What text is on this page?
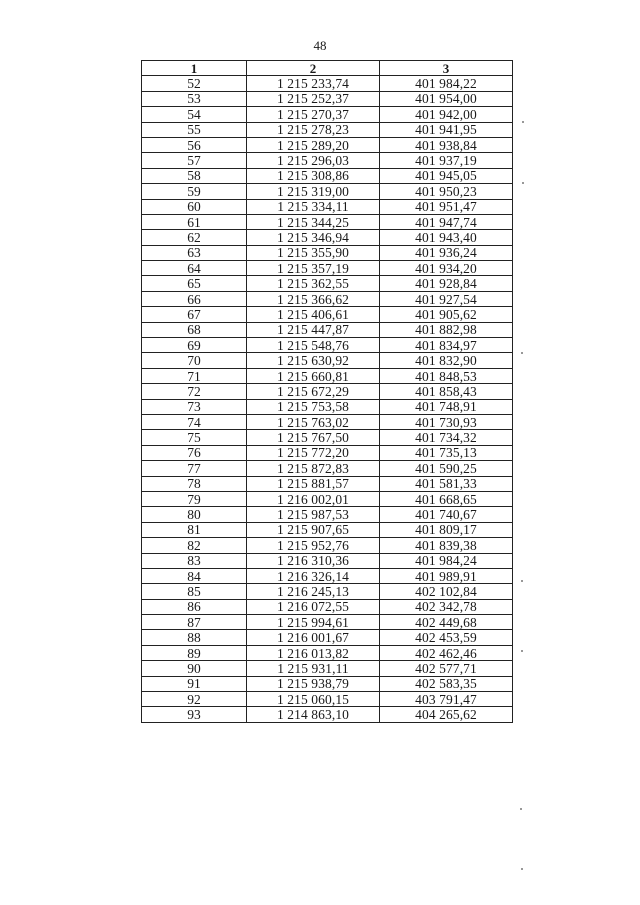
48
1	2	3
52	1 215 233,74	401 984,22
53	1 215 252,37	401 954,00
54	1 215 270,37	401 942,00
55	1 215 278,23	401 941,95
56	1 215 289,20	401 938,84
57	1 215 296,03	401 937,19
58	1 215 308,86	401 945,05
59	1 215 319,00	401 950,23
60	1 215 334,11	401 951,47
61	1 215 344,25	401 947,74
62	1 215 346,94	401 943,40
63	1 215 355,90	401 936,24
64	1 215 357,19	401 934,20
65	1 215 362,55	401 928,84
66	1 215 366,62	401 927,54
67	1 215 406,61	401 905,62
68	1 215 447,87	401 882,98
69	1 215 548,76	401 834,97
70	1 215 630,92	401 832,90
71	1 215 660,81	401 848,53
72	1 215 672,29	401 858,43
73	1 215 753,58	401 748,91
74	1 215 763,02	401 730,93
75	1 215 767,50	401 734,32
76	1 215 772,20	401 735,13
77	1 215 872,83	401 590,25
78	1 215 881,57	401 581,33
79	1 216 002,01	401 668,65
80	1 215 987,53	401 740,67
81	1 215 907,65	401 809,17
82	1 215 952,76	401 839,38
83	1 216 310,36	401 984,24
84	1 216 326,14	401 989,91
85	1 216 245,13	402 102,84
86	1 216 072,55	402 342,78
87	1 215 994,61	402 449,68
88	1 216 001,67	402 453,59
89	1 216 013,82	402 462,46
90	1 215 931,11	402 577,71
91	1 215 938,79	402 583,35
92	1 215 060,15	403 791,47
93	1 214 863,10	404 265,62
